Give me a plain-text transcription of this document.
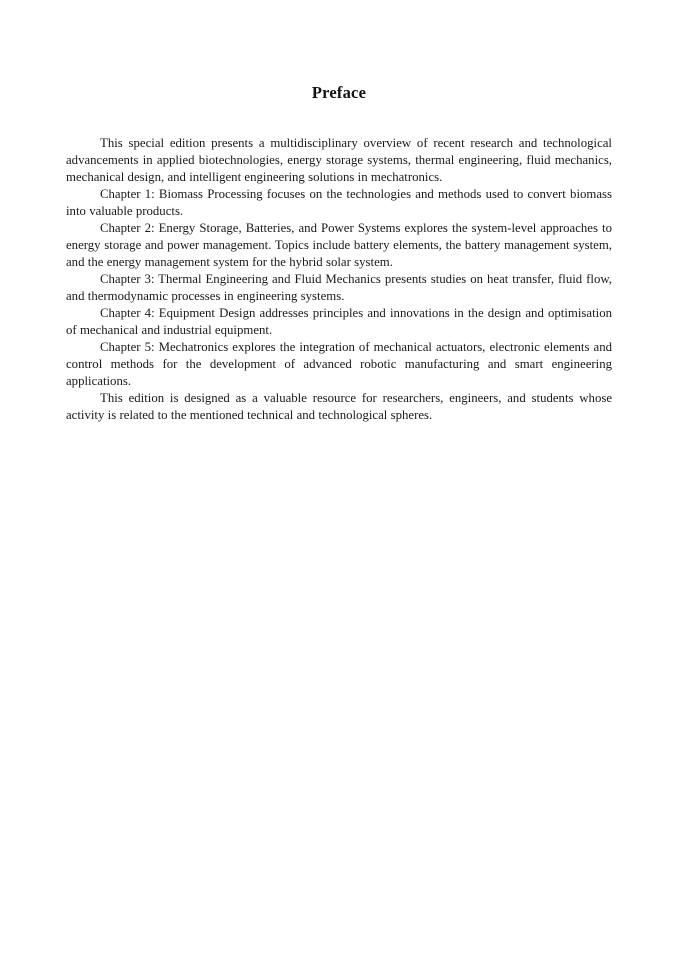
Preface

This special edition presents a multidisciplinary overview of recent research and technological advancements in applied biotechnologies, energy storage systems, thermal engineering, fluid mechanics, mechanical design, and intelligent engineering solutions in mechatronics.

Chapter 1: Biomass Processing focuses on the technologies and methods used to convert biomass into valuable products.

Chapter 2: Energy Storage, Batteries, and Power Systems explores the system-level approaches to energy storage and power management. Topics include battery elements, the battery management system, and the energy management system for the hybrid solar system.

Chapter 3: Thermal Engineering and Fluid Mechanics presents studies on heat transfer, fluid flow, and thermodynamic processes in engineering systems.

Chapter 4: Equipment Design addresses principles and innovations in the design and optimisation of mechanical and industrial equipment.

Chapter 5: Mechatronics explores the integration of mechanical actuators, electronic elements and control methods for the development of advanced robotic manufacturing and smart engineering applications.

This edition is designed as a valuable resource for researchers, engineers, and students whose activity is related to the mentioned technical and technological spheres.
